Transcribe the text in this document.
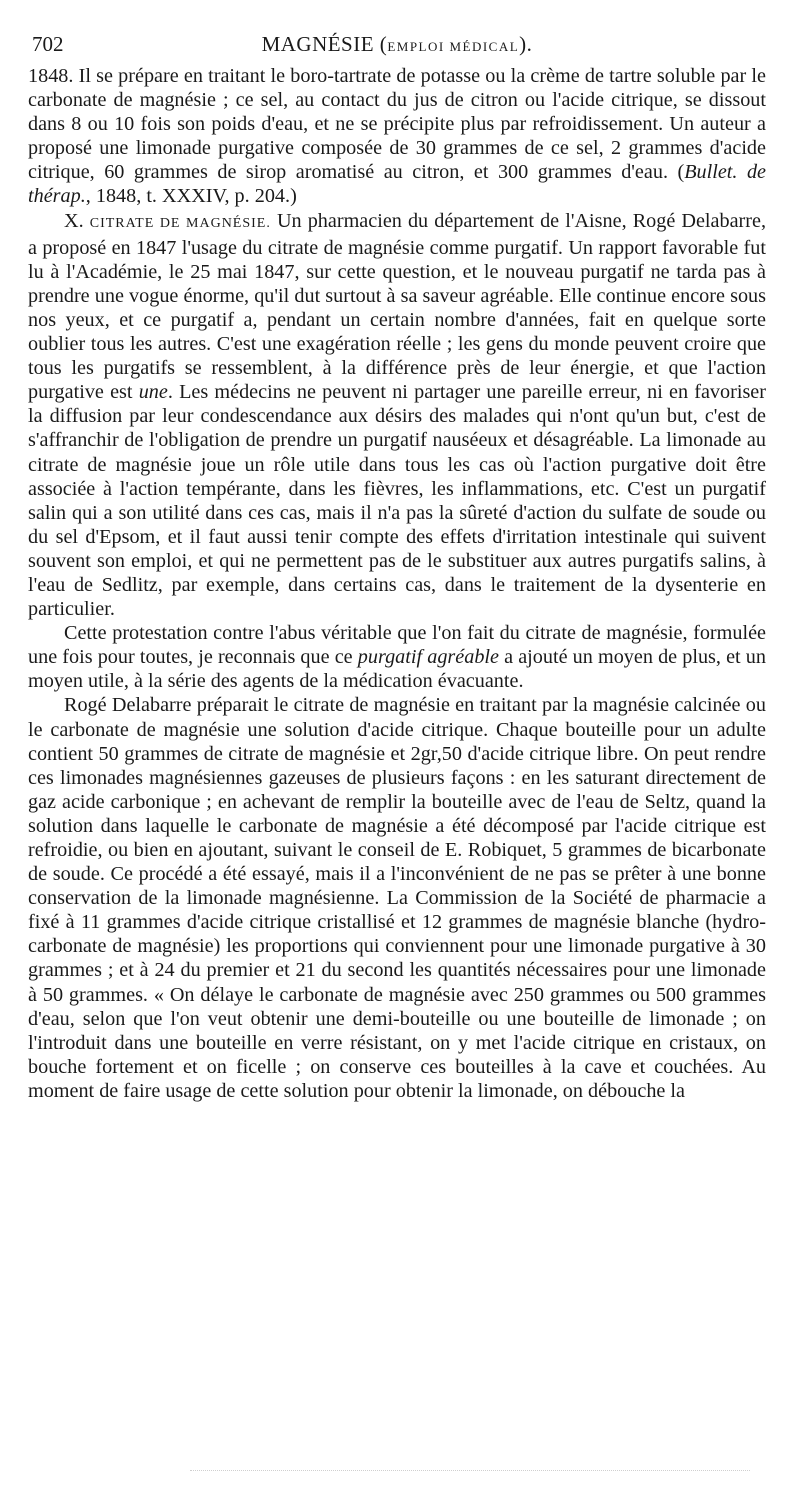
702	MAGNÉSIE (EMPLOI MÉDICAL).

1848. Il se prépare en traitant le boro-tartrate de potasse ou la crème de tartre soluble par le carbonate de magnésie ; ce sel, au contact du jus de citron ou l'acide citrique, se dissout dans 8 ou 10 fois son poids d'eau, et ne se précipite plus par refroidissement. Un auteur a proposé une limonade purgative composée de 30 grammes de ce sel, 2 grammes d'acide citrique, 60 grammes de sirop aromatisé au citron, et 300 grammes d'eau. (Bullet. de thérap., 1848, t. XXXIV, p. 204.)

X. CITRATE DE MAGNÉSIE. Un pharmacien du département de l'Aisne, Rogé Delabarre, a proposé en 1847 l'usage du citrate de magnésie comme purgatif. Un rapport favorable fut lu à l'Académie, le 25 mai 1847, sur cette question, et le nouveau purgatif ne tarda pas à prendre une vogue énorme, qu'il dut surtout à sa saveur agréable. Elle continue encore sous nos yeux, et ce purgatif a, pendant un certain nombre d'années, fait en quelque sorte oublier tous les autres. C'est une exagération réelle ; les gens du monde peuvent croire que tous les purgatifs se ressemblent, à la différence près de leur énergie, et que l'action purgative est une. Les médecins ne peuvent ni partager une pareille erreur, ni en favoriser la diffusion par leur condescendance aux désirs des malades qui n'ont qu'un but, c'est de s'affranchir de l'obligation de prendre un purgatif nauséeux et désagréable. La limonade au citrate de magnésie joue un rôle utile dans tous les cas où l'action purgative doit être associée à l'action tempérante, dans les fièvres, les inflammations, etc. C'est un purgatif salin qui a son utilité dans ces cas, mais il n'a pas la sûreté d'action du sulfate de soude ou du sel d'Epsom, et il faut aussi tenir compte des effets d'irritation intestinale qui suivent souvent son emploi, et qui ne permettent pas de le substituer aux autres purgatifs salins, à l'eau de Sedlitz, par exemple, dans certains cas, dans le traitement de la dysenterie en particulier.

Cette protestation contre l'abus véritable que l'on fait du citrate de magnésie, formulée une fois pour toutes, je reconnais que ce purgatif agréable a ajouté un moyen de plus, et un moyen utile, à la série des agents de la médication évacuante.

Rogé Delabarre préparait le citrate de magnésie en traitant par la magnésie calcinée ou le carbonate de magnésie une solution d'acide citrique. Chaque bouteille pour un adulte contient 50 grammes de citrate de magnésie et 2gr,50 d'acide citrique libre. On peut rendre ces limonades magnésiennes gazeuses de plusieurs façons : en les saturant directement de gaz acide carbonique ; en achevant de remplir la bouteille avec de l'eau de Seltz, quand la solution dans laquelle le carbonate de magnésie a été décomposé par l'acide citrique est refroidie, ou bien en ajoutant, suivant le conseil de E. Robiquet, 5 grammes de bicarbonate de soude. Ce procédé a été essayé, mais il a l'inconvénient de ne pas se prêter à une bonne conservation de la limonade magnésienne. La Commission de la Société de pharmacie a fixé à 11 grammes d'acide citrique cristallisé et 12 grammes de magnésie blanche (hydro-carbonate de magnésie) les proportions qui conviennent pour une limonade purgative à 30 grammes ; et à 24 du premier et 21 du second les quantités nécessaires pour une limonade à 50 grammes. « On délaye le carbonate de magnésie avec 250 grammes ou 500 grammes d'eau, selon que l'on veut obtenir une demi-bouteille ou une bouteille de limonade ; on l'introduit dans une bouteille en verre résistant, on y met l'acide citrique en cristaux, on bouche fortement et on ficelle ; on conserve ces bouteilles à la cave et couchées. Au moment de faire usage de cette solution pour obtenir la limonade, on débouche la
